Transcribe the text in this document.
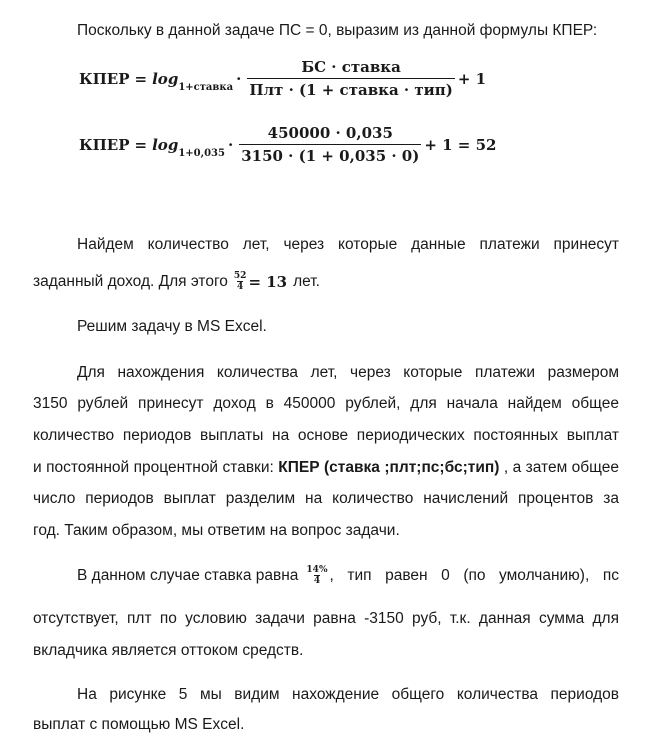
Поскольку в данной задаче ПС = 0, выразим из данной формулы КПЕР:
КПЕР = $\log_{1+ставка} \cdot \frac{\text{БС · ставка}}{\text{Плт · (1 + ставка · тип)}} + 1$
КПЕР = $\log_{1+0,035} \cdot \frac{450000 \cdot 0,035}{3150 \cdot (1 + 0,035 \cdot 0)} + 1 = 52$
Найдем количество лет, через которые данные платежи принесут
заданный доход. Для этого $\frac{52}{4} = 13$ лет.
Решим задачу в MS Excel.
Для нахождения количества лет, через которые платежи размером
3150 рублей принесут доход в 450000 рублей, для начала найдем общее
количество периодов выплаты на основе периодических постоянных выплат
и постоянной процентной ставки: КПЕР (ставка ;плт;пс;бс;тип) , а затем общее
число периодов выплат разделим на количество начислений процентов за
год. Таким образом, мы ответим на вопрос задачи.
В данном случае ставка равна $\frac{14\%}{4}$ , тип равен 0 (по умолчанию), пс
отсутствует, плт по условию задачи равна -3150 руб, т.к. данная сумма для
вкладчика является оттоком средств.
На рисунке 5 мы видим нахождение общего количества периодов
выплат с помощью MS Excel.
